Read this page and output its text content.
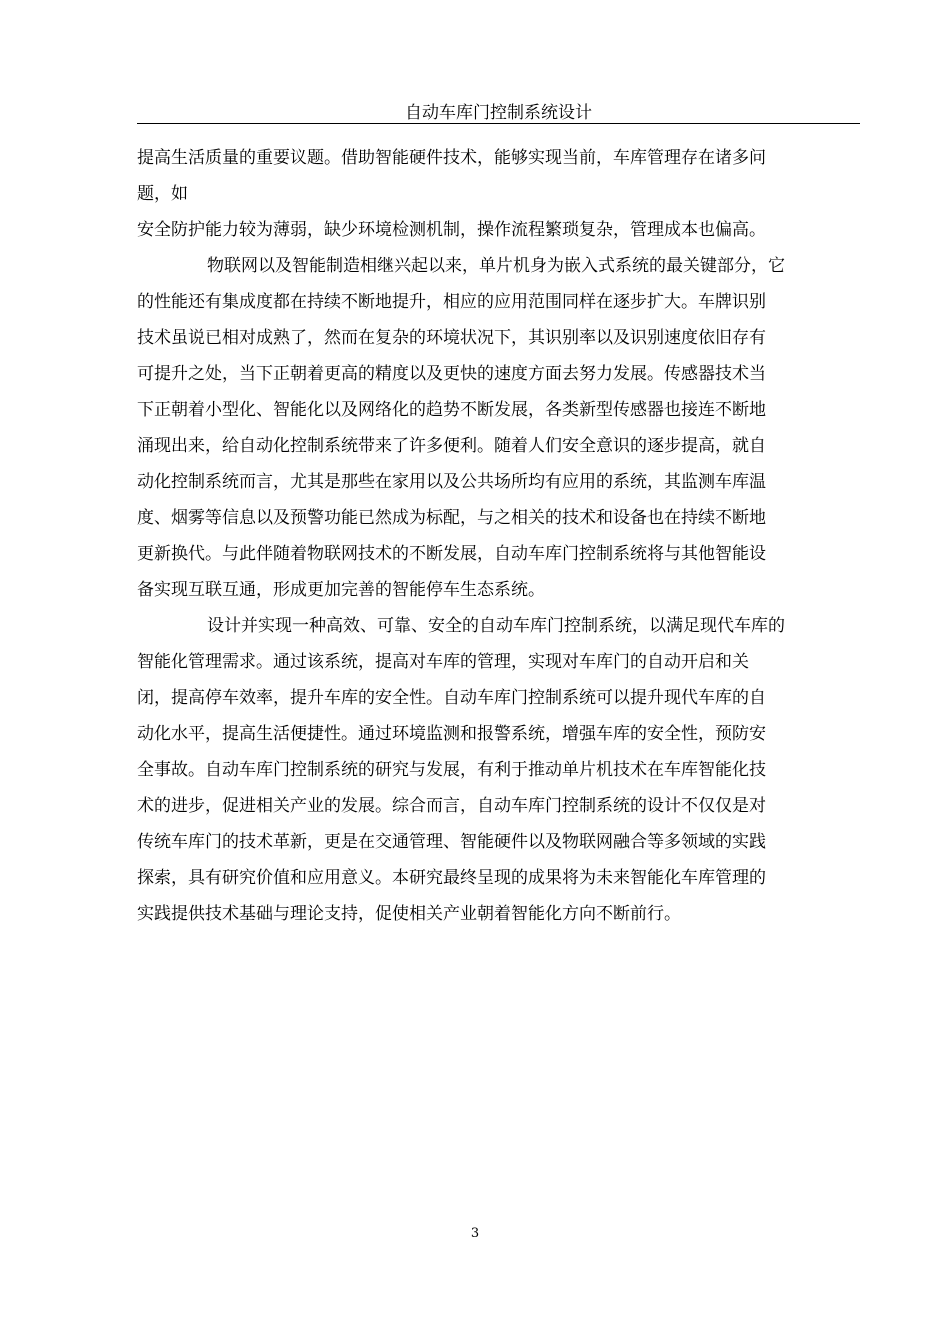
自动车库门控制系统设计
提高生活质量的重要议题。借助智能硬件技术，能够实现当前，车库管理存在诸多问
题，如
安全防护能力较为薄弱，缺少环境检测机制，操作流程繁琐复杂，管理成本也偏高。
物联网以及智能制造相继兴起以来，单片机身为嵌入式系统的最关键部分，它
的性能还有集成度都在持续不断地提升，相应的应用范围同样在逐步扩大。车牌识别
技术虽说已相对成熟了，然而在复杂的环境状况下，其识别率以及识别速度依旧存有
可提升之处，当下正朝着更高的精度以及更快的速度方面去努力发展。传感器技术当
下正朝着小型化、智能化以及网络化的趋势不断发展，各类新型传感器也接连不断地
涌现出来，给自动化控制系统带来了许多便利。随着人们安全意识的逐步提高，就自
动化控制系统而言，尤其是那些在家用以及公共场所均有应用的系统，其监测车库温
度、烟雾等信息以及预警功能已然成为标配，与之相关的技术和设备也在持续不断地
更新换代。与此伴随着物联网技术的不断发展，自动车库门控制系统将与其他智能设
备实现互联互通，形成更加完善的智能停车生态系统。
设计并实现一种高效、可靠、安全的自动车库门控制系统，以满足现代车库的
智能化管理需求。通过该系统，提高对车库的管理，实现对车库门的自动开启和关
闭，提高停车效率，提升车库的安全性。自动车库门控制系统可以提升现代车库的自
动化水平，提高生活便捷性。通过环境监测和报警系统，增强车库的安全性，预防安
全事故。自动车库门控制系统的研究与发展，有利于推动单片机技术在车库智能化技
术的进步，促进相关产业的发展。综合而言，自动车库门控制系统的设计不仅仅是对
传统车库门的技术革新，更是在交通管理、智能硬件以及物联网融合等多领域的实践
探索，具有研究价值和应用意义。本研究最终呈现的成果将为未来智能化车库管理的
实践提供技术基础与理论支持，促使相关产业朝着智能化方向不断前行。
3
